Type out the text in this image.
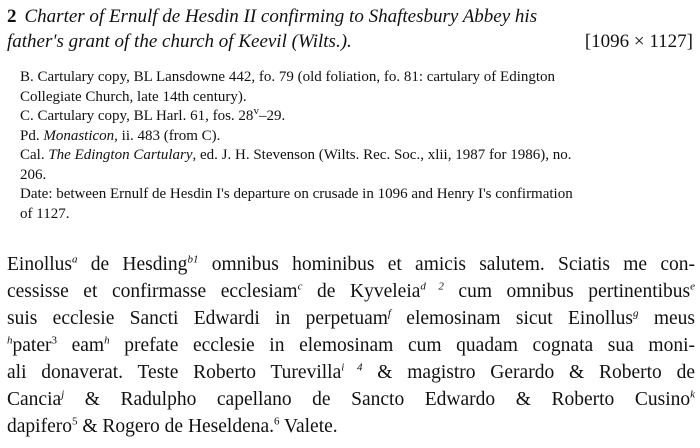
2 Charter of Ernulf de Hesdin II confirming to Shaftesbury Abbey his
father's grant of the church of Keevil (Wilts.).	[1096 × 1127]

B. Cartulary copy, BL Lansdowne 442, fo. 79 (old foliation, fo. 81: cartulary of Edington
Collegiate Church, late 14th century).

C. Cartulary copy, BL Harl. 61, fos. 28$^v$–29.

Pd. Monasticon, ii. 483 (from C).

Cal. The Edington Cartulary, ed. J. H. Stevenson (Wilts. Rec. Soc., xlii, 1987 for 1986), no.
206.

Date: between Ernulf de Hesdin I's departure on crusade in 1096 and Henry I's confirmation
of 1127.

Einollus$^a$ de Hesding$^{b1}$ omnibus hominibus et amicis salutem. Sciatis me con-
cessisse et confirmasse ecclesiam$^c$ de Kyveleia$^{d 2}$ cum omnibus pertinentibus$^e$
suis ecclesie Sancti Edwardi in perpetuam$^f$ elemosinam sicut Einollus$^g$ meus
$^h$pater$^3$ eam$^h$ prefate ecclesie in elemosinam cum quadam cognata sua moni-
ali donaverat. Teste Roberto Turevilla$^{i 4}$ & magistro Gerardo & Roberto de
Cancia$^j$ & Radulpho capellano de Sancto Edwardo & Roberto Cusino$^k$
dapifero$^5$ & Rogero de Heseldena.$^6$ Valete.
